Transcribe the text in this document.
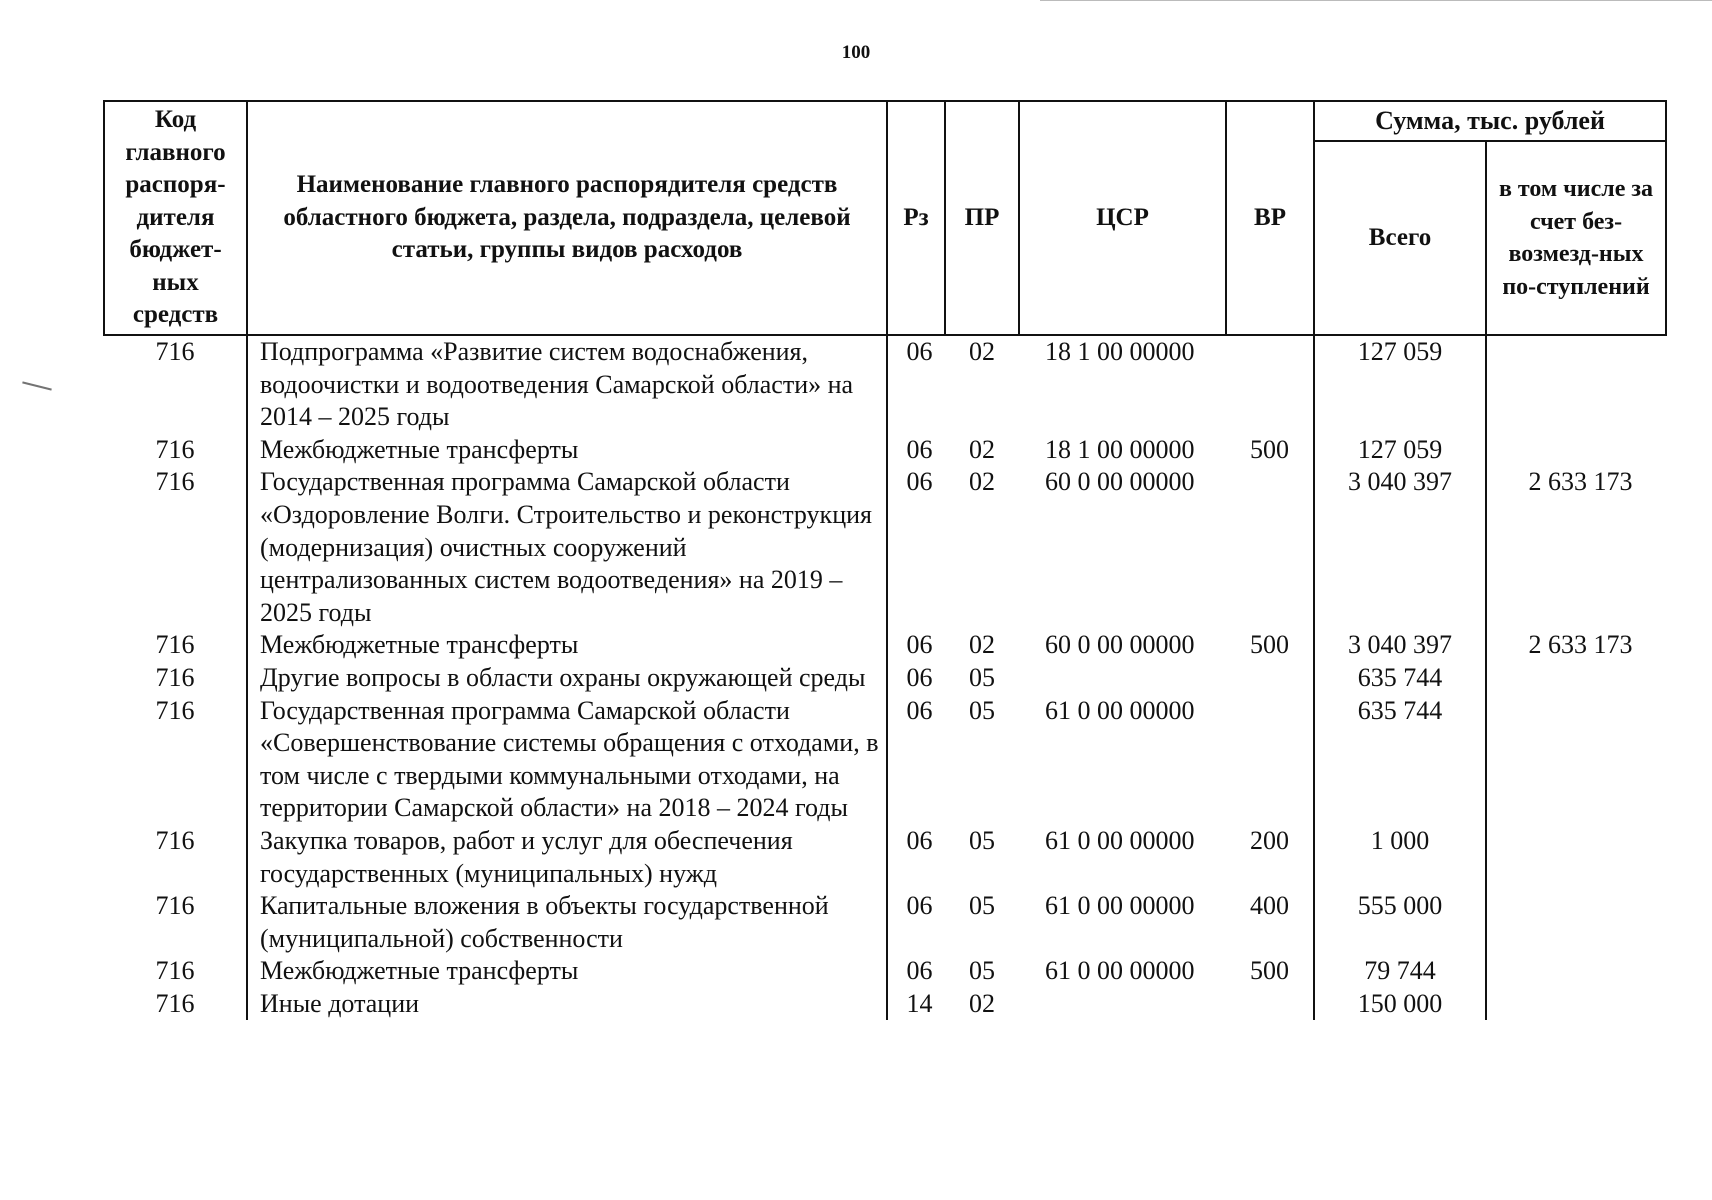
100
Код главного распоря-дителя бюджет-ных средств	Наименование главного распорядителя средств областного бюджета, раздела, подраздела, целевой статьи, группы видов расходов	Рз	ПР	ЦСР	ВР	Сумма, тыс. рублей	
						Всего	в том числе за счет без-возмезд-ных по-ступлений
716	Подпрограмма «Развитие систем водоснабжения, водоочистки и водоотведения Самарской области» на 2014 – 2025 годы	06	02	18 1 00 00000		127 059	
716	Межбюджетные трансферты	06	02	18 1 00 00000	500	127 059	
716	Государственная программа Самарской области «Оздоровление Волги. Строительство и реконструкция (модернизация) очистных сооружений централизованных систем водоотведения» на 2019 – 2025 годы	06	02	60 0 00 00000		3 040 397	2 633 173
716	Межбюджетные трансферты	06	02	60 0 00 00000	500	3 040 397	2 633 173
716	Другие вопросы в области охраны окружающей среды	06	05			635 744	
716	Государственная программа Самарской области «Совершенствование системы обращения с отходами, в том числе с твердыми коммунальными отходами, на территории Самарской области» на 2018 – 2024 годы	06	05	61 0 00 00000		635 744	
716	Закупка товаров, работ и услуг для обеспечения государственных (муниципальных) нужд	06	05	61 0 00 00000	200	1 000	
716	Капитальные вложения в объекты государственной (муниципальной) собственности	06	05	61 0 00 00000	400	555 000	
716	Межбюджетные трансферты	06	05	61 0 00 00000	500	79 744	
716	Иные дотации	14	02			150 000	
